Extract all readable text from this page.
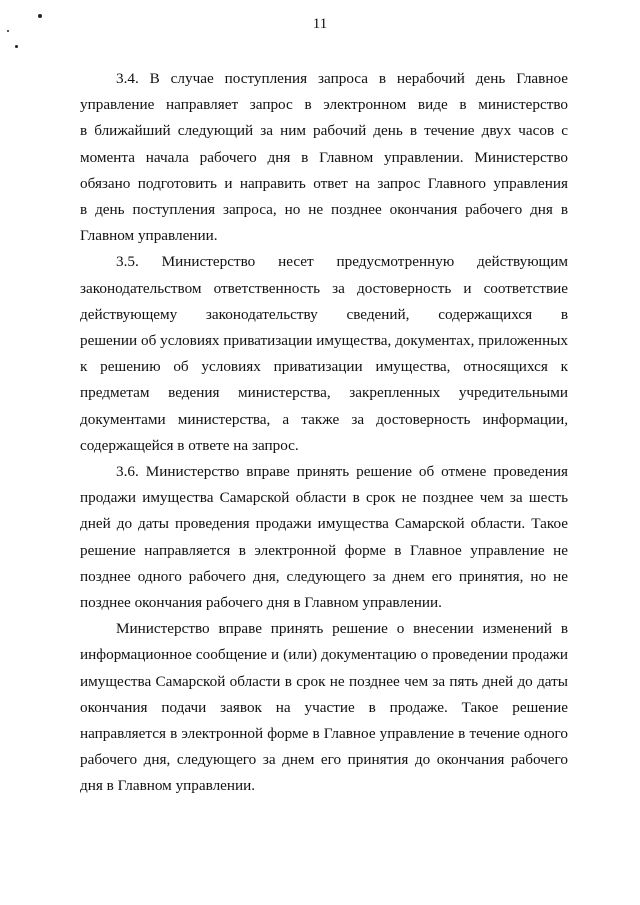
11

3.4. В случае поступления запроса в нерабочий день Главное
управление направляет запрос в электронном виде в министерство
в ближайший следующий за ним рабочий день в течение двух часов с
момента начала рабочего дня в Главном управлении. Министерство
обязано подготовить и направить ответ на запрос Главного управления
в день поступления запроса, но не позднее окончания рабочего дня в
Главном управлении.

3.5. Министерство несет предусмотренную действующим
законодательством ответственность за достоверность и соответствие
действующему законодательству сведений, содержащихся в
решении об условиях приватизации имущества, документах, приложенных
к решению об условиях приватизации имущества, относящихся к
предметам ведения министерства, закрепленных учредительными
документами министерства, а также за достоверность информации,
содержащейся в ответе на запрос.

3.6. Министерство вправе принять решение об отмене проведения
продажи имущества Самарской области в срок не позднее чем за шесть
дней до даты проведения продажи имущества Самарской области. Такое
решение направляется в электронной форме в Главное управление не
позднее одного рабочего дня, следующего за днем его принятия, но не
позднее окончания рабочего дня в Главном управлении.

Министерство вправе принять решение о внесении изменений в
информационное сообщение и (или) документацию о проведении продажи
имущества Самарской области в срок не позднее чем за пять дней до даты
окончания подачи заявок на участие в продаже. Такое решение
направляется в электронной форме в Главное управление в течение одного
рабочего дня, следующего за днем его принятия до окончания рабочего
дня в Главном управлении.
